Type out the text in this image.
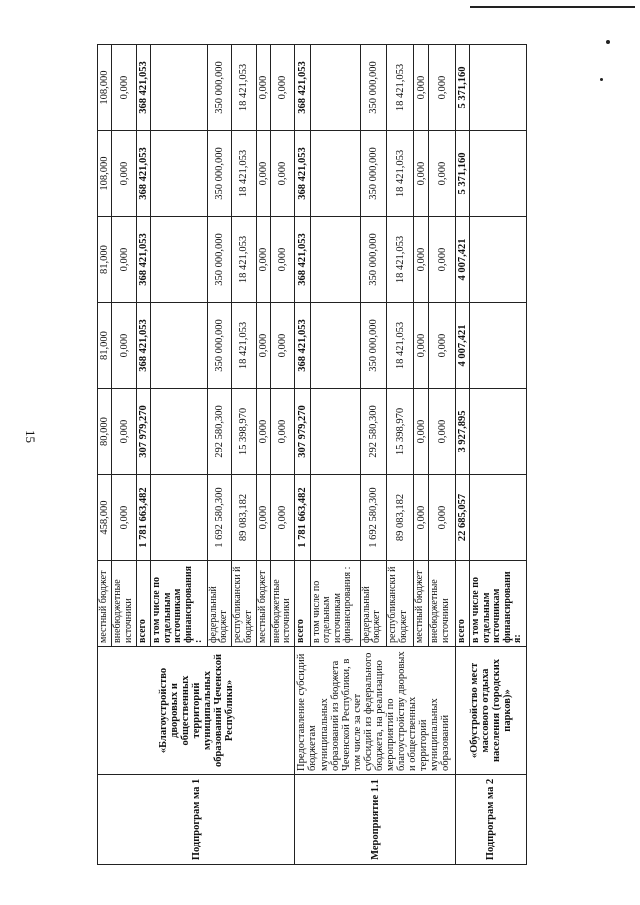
15
Подпрограм ма 1	«Благоустройство дворовых и общественных территорий муниципальных образований Чеченской Республики»	местный бюджет	458,000	80,000	81,000	81,000	108,000	108,000
		внебюджетные источники	0,000	0,000	0,000	0,000	0,000	0,000
		всего	1 781 663,482	307 979,270	368 421,053	368 421,053	368 421,053	368 421,053
		в том числе по отдельным источникам финансирования :						
		федеральный бюджет	1 692 580,300	292 580,300	350 000,000	350 000,000	350 000,000	350 000,000
		республикански й бюджет	89 083,182	15 398,970	18 421,053	18 421,053	18 421,053	18 421,053
		местный бюджет	0,000	0,000	0,000	0,000	0,000	0,000
		внебюджетные источники	0,000	0,000	0,000	0,000	0,000	0,000
Мероприятие 1.1	Предоставление субсидий бюджетам муниципальных образований из бюджета Чеченской Республики, в том числе за счет субсидий из федерального бюджета, на реализацию мероприятий по благоустройству дворовых и общественных территорий муниципальных образований	всего	1 781 663,482	307 979,270	368 421,053	368 421,053	368 421,053	368 421,053
		в том числе по отдельным источникам финансирования :						
		федеральный бюджет	1 692 580,300	292 580,300	350 000,000	350 000,000	350 000,000	350 000,000
		республикански й бюджет	89 083,182	15 398,970	18 421,053	18 421,053	18 421,053	18 421,053
		местный бюджет	0,000	0,000	0,000	0,000	0,000	0,000
		внебюджетные источники	0,000	0,000	0,000	0,000	0,000	0,000
Подпрограм ма 2	«Обустройство мест массового отдыха населения (городских парков)»	всего	22 685,057	3 927,895	4 007,421	4 007,421	5 371,160	5 371,160
		в том числе по отдельным источникам финансировани я:						
